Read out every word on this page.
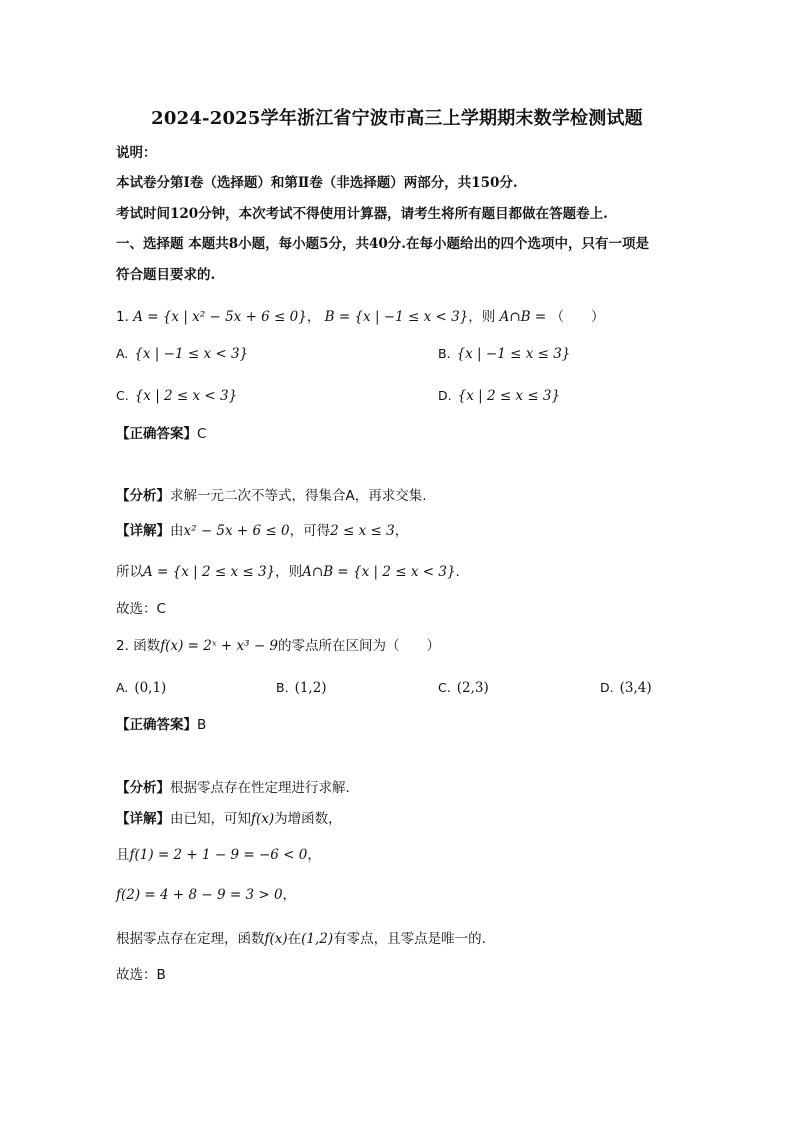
2024-2025学年浙江省宁波市高三上学期期末数学检测试题
说明：
本试卷分第Ⅰ卷（选择题）和第Ⅱ卷（非选择题）两部分，共150分.
考试时间120分钟，本次考试不得使用计算器，请考生将所有题目都做在答题卷上.
一、选择题 本题共8小题，每小题5分，共40分.在每小题给出的四个选项中，只有一项是
符合题目要求的.
1. A = {x | x² − 5x + 6 ≤ 0}， B = {x | −1 ≤ x < 3}，则 A∩B = （　　）
A. {x | −1 ≤ x < 3}	B. {x | −1 ≤ x ≤ 3}
C. {x | 2 ≤ x < 3}	D. {x | 2 ≤ x ≤ 3}
【正确答案】C
【分析】求解一元二次不等式，得集合A，再求交集.
【详解】由x² − 5x + 6 ≤ 0，可得2 ≤ x ≤ 3，
所以A = {x | 2 ≤ x ≤ 3}，则A∩B = {x | 2 ≤ x < 3}.
故选：C
2. 函数f(x) = 2ˣ + x³ − 9的零点所在区间为（　　）
A. (0,1)	B. (1,2)	C. (2,3)	D. (3,4)
【正确答案】B
【分析】根据零点存在性定理进行求解.
【详解】由已知，可知f(x)为增函数，
且f(1) = 2 + 1 − 9 = −6 < 0，
f(2) = 4 + 8 − 9 = 3 > 0，
根据零点存在定理，函数f(x)在(1,2)有零点，且零点是唯一的.
故选：B
